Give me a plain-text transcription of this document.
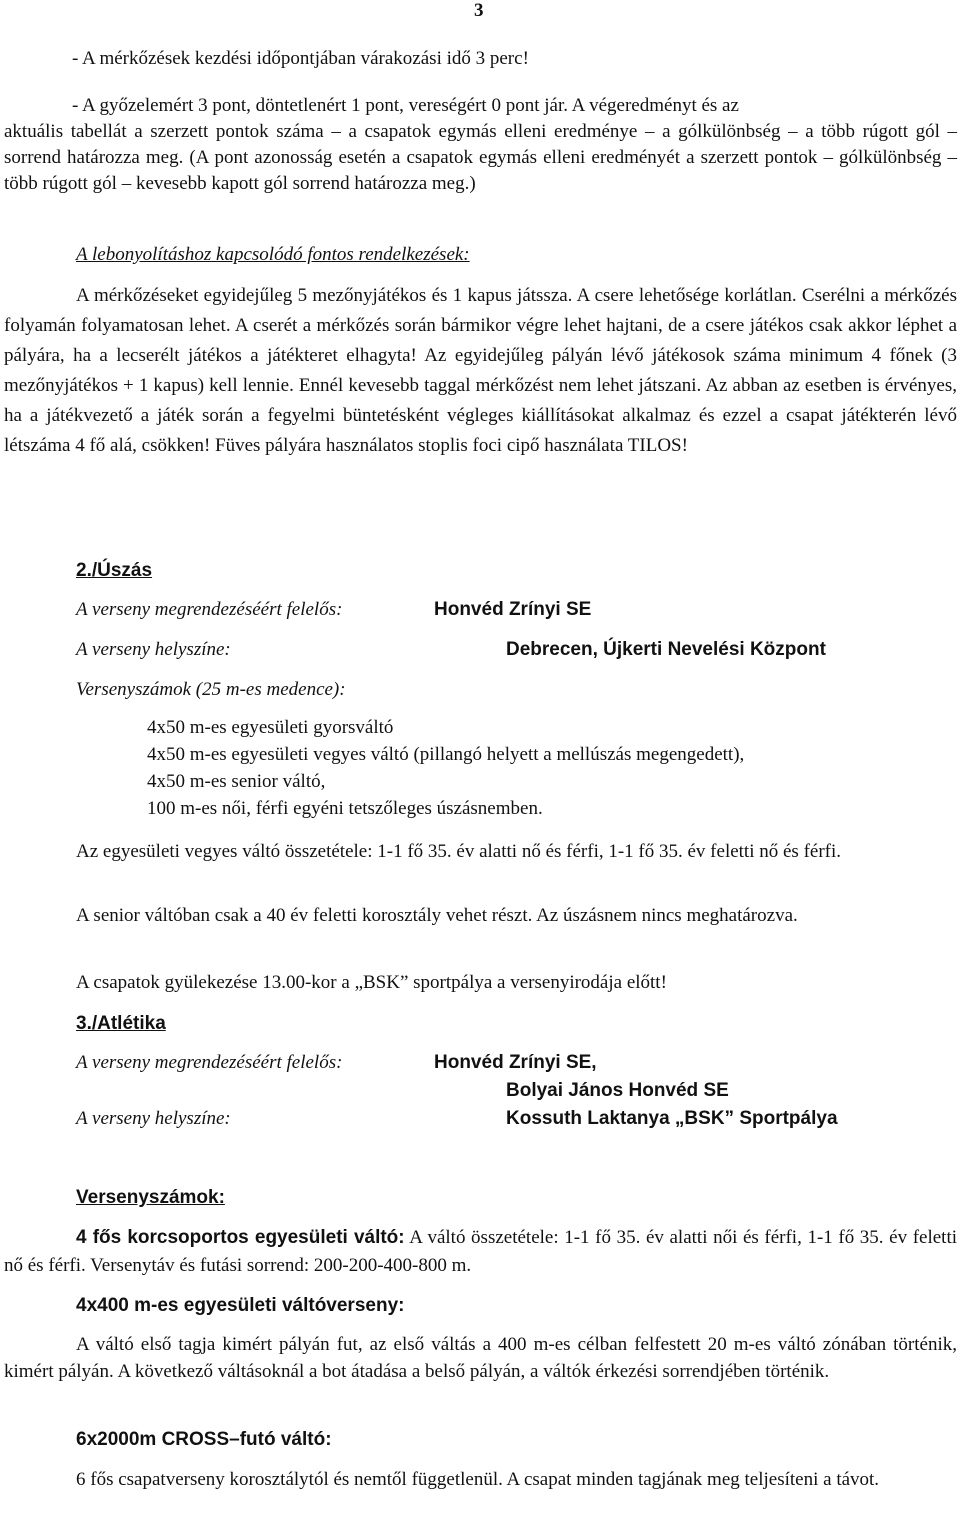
3
- A mérkőzések kezdési időpontjában várakozási idő 3 perc!
- A győzelemért 3 pont, döntetlenért 1 pont, vereségért 0 pont jár. A végeredményt és az
aktuális tabellát a szerzett pontok száma – a csapatok egymás elleni eredménye – a gólkülönbség – a több rúgott gól – sorrend határozza meg. (A pont azonosság esetén a csapatok egymás elleni eredményét a szerzett pontok – gólkülönbség – több rúgott gól – kevesebb kapott gól sorrend határozza meg.)
A lebonyolításhoz kapcsolódó fontos rendelkezések:
A mérkőzéseket egyidejűleg 5 mezőnyjátékos és 1 kapus játssza. A csere lehetősége korlátlan. Cserélni a mérkőzés folyamán folyamatosan lehet. A cserét a mérkőzés során bármikor végre lehet hajtani, de a csere játékos csak akkor léphet a pályára, ha a lecserélt játékos a játékteret elhagyta! Az egyidejűleg pályán lévő játékosok száma minimum 4 főnek (3 mezőnyjátékos + 1 kapus) kell lennie. Ennél kevesebb taggal mérkőzést nem lehet játszani. Az abban az esetben is érvényes, ha a játékvezető a játék során a fegyelmi büntetésként végleges kiállításokat alkalmaz és ezzel a csapat játékterén lévő létszáma 4 fő alá, csökken! Füves pályára használatos stoplis foci cipő használata TILOS!
2./Úszás
A verseny megrendezéséért felelős:	Honvéd Zrínyi SE
A verseny helyszíne:	Debrecen, Újkerti Nevelési Központ
Versenyszámok (25 m-es medence):
4x50 m-es egyesületi gyorsváltó
4x50 m-es egyesületi vegyes váltó (pillangó helyett a mellúszás megengedett),
4x50 m-es senior váltó,
100 m-es női, férfi egyéni tetszőleges úszásnemben.
Az egyesületi vegyes váltó összetétele: 1-1 fő 35. év alatti nő és férfi, 1-1 fő 35. év feletti nő és férfi.
A senior váltóban csak a 40 év feletti korosztály vehet részt. Az úszásnem nincs meghatározva.
A csapatok gyülekezése 13.00-kor a „BSK” sportpálya a versenyirodája előtt!
3./Atlétika
A verseny megrendezéséért felelős:	Honvéd Zrínyi SE,
Bolyai János Honvéd SE
A verseny helyszíne:	Kossuth Laktanya „BSK” Sportpálya
Versenyszámok:
4 fős korcsoportos egyesületi váltó: A váltó összetétele: 1-1 fő 35. év alatti női és férfi, 1-1 fő 35. év feletti nő és férfi. Versenytáv és futási sorrend: 200-200-400-800 m.
4x400 m-es egyesületi váltóverseny:
A váltó első tagja kimért pályán fut, az első váltás a 400 m-es célban felfestett 20 m-es váltó zónában történik, kimért pályán. A következő váltásoknál a bot átadása a belső pályán, a váltók érkezési sorrendjében történik.
6x2000m CROSS–futó váltó:
6 fős csapatverseny korosztálytól és nemtől függetlenül. A csapat minden tagjának meg teljesíteni a távot.
